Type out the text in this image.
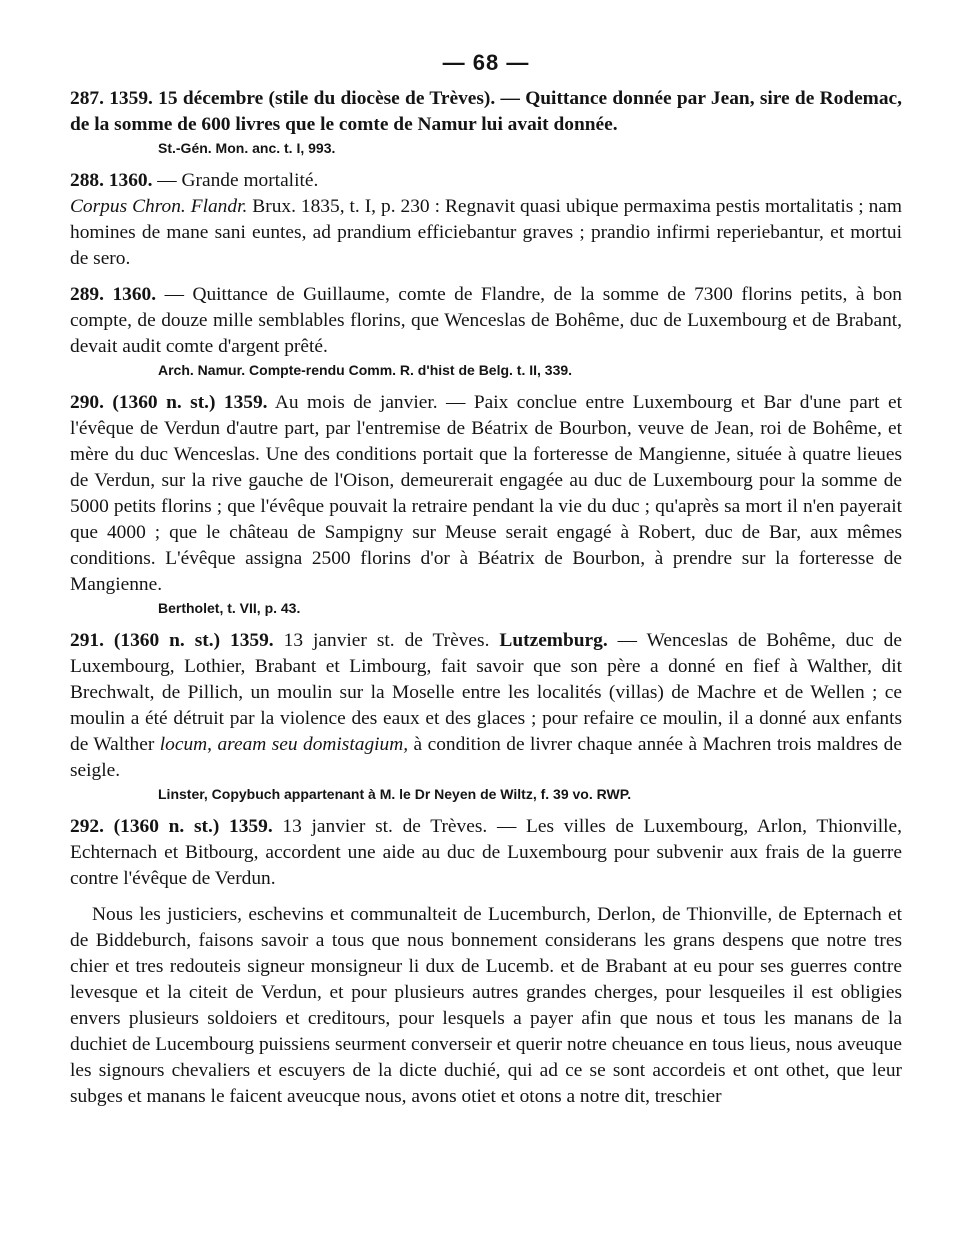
— 68 —

287. 1359. 15 décembre (stile du diocèse de Trèves). — Quittance donnée par Jean, sire de Rodemac, de la somme de 600 livres que le comte de Namur lui avait donnée.

St.-Gén. Mon. anc. t. I, 993.

288. 1360. — Grande mortalité.

Corpus Chron. Flandr. Brux. 1835, t. I, p. 230 : Regnavit quasi ubique permaxima pestis mortalitatis ; nam homines de mane sani euntes, ad prandium efficiebantur graves ; prandio infirmi reperiebantur, et mortui de sero.

289. 1360. — Quittance de Guillaume, comte de Flandre, de la somme de 7300 florins petits, à bon compte, de douze mille semblables florins, que Wenceslas de Bohême, duc de Luxembourg et de Brabant, devait audit comte d'argent prêté.

Arch. Namur. Compte-rendu Comm. R. d'hist de Belg. t. II, 339.

290. (1360 n. st.) 1359. Au mois de janvier. — Paix conclue entre Luxembourg et Bar d'une part et l'évêque de Verdun d'autre part, par l'entremise de Béatrix de Bourbon, veuve de Jean, roi de Bohême, et mère du duc Wenceslas. Une des conditions portait que la forteresse de Mangienne, située à quatre lieues de Verdun, sur la rive gauche de l'Oison, demeurerait engagée au duc de Luxembourg pour la somme de 5000 petits florins ; que l'évêque pouvait la retraire pendant la vie du duc ; qu'après sa mort il n'en payerait que 4000 ; que le château de Sampigny sur Meuse serait engagé à Robert, duc de Bar, aux mêmes conditions. L'évêque assigna 2500 florins d'or à Béatrix de Bourbon, à prendre sur la forteresse de Mangienne.

Bertholet, t. VII, p. 43.

291. (1360 n. st.) 1359. 13 janvier st. de Trèves. Lutzemburg. — Wenceslas de Bohême, duc de Luxembourg, Lothier, Brabant et Limbourg, fait savoir que son père a donné en fief à Walther, dit Brechwalt, de Pillich, un moulin sur la Moselle entre les localités (villas) de Machre et de Wellen ; ce moulin a été détruit par la violence des eaux et des glaces ; pour refaire ce moulin, il a donné aux enfants de Walther locum, aream seu domistagium, à condition de livrer chaque année à Machren trois maldres de seigle.

Linster, Copybuch appartenant à M. le Dr Neyen de Wiltz, f. 39 vo. RWP.

292. (1360 n. st.) 1359. 13 janvier st. de Trèves. — Les villes de Luxembourg, Arlon, Thionville, Echternach et Bitbourg, accordent une aide au duc de Luxembourg pour subvenir aux frais de la guerre contre l'évêque de Verdun.

Nous les justiciers, eschevins et communalteit de Lucemburch, Derlon, de Thionville, de Epternach et de Biddeburch, faisons savoir a tous que nous bonnement considerans les grans despens que notre tres chier et tres redouteis signeur monsigneur li dux de Lucemb. et de Brabant at eu pour ses guerres contre levesque et la citeit de Verdun, et pour plusieurs autres grandes cherges, pour lesqueiles il est obligies envers plusieurs soldoiers et creditours, pour lesquels a payer afin que nous et tous les manans de la duchiet de Lucembourg puissiens seurment converseir et querir notre cheuance en tous lieus, nous aveuque les signours chevaliers et escuyers de la dicte duchié, qui ad ce se sont accordeis et ont othet, que leur subges et manans le faicent aveucque nous, avons otiet et otons a notre dit, treschier
